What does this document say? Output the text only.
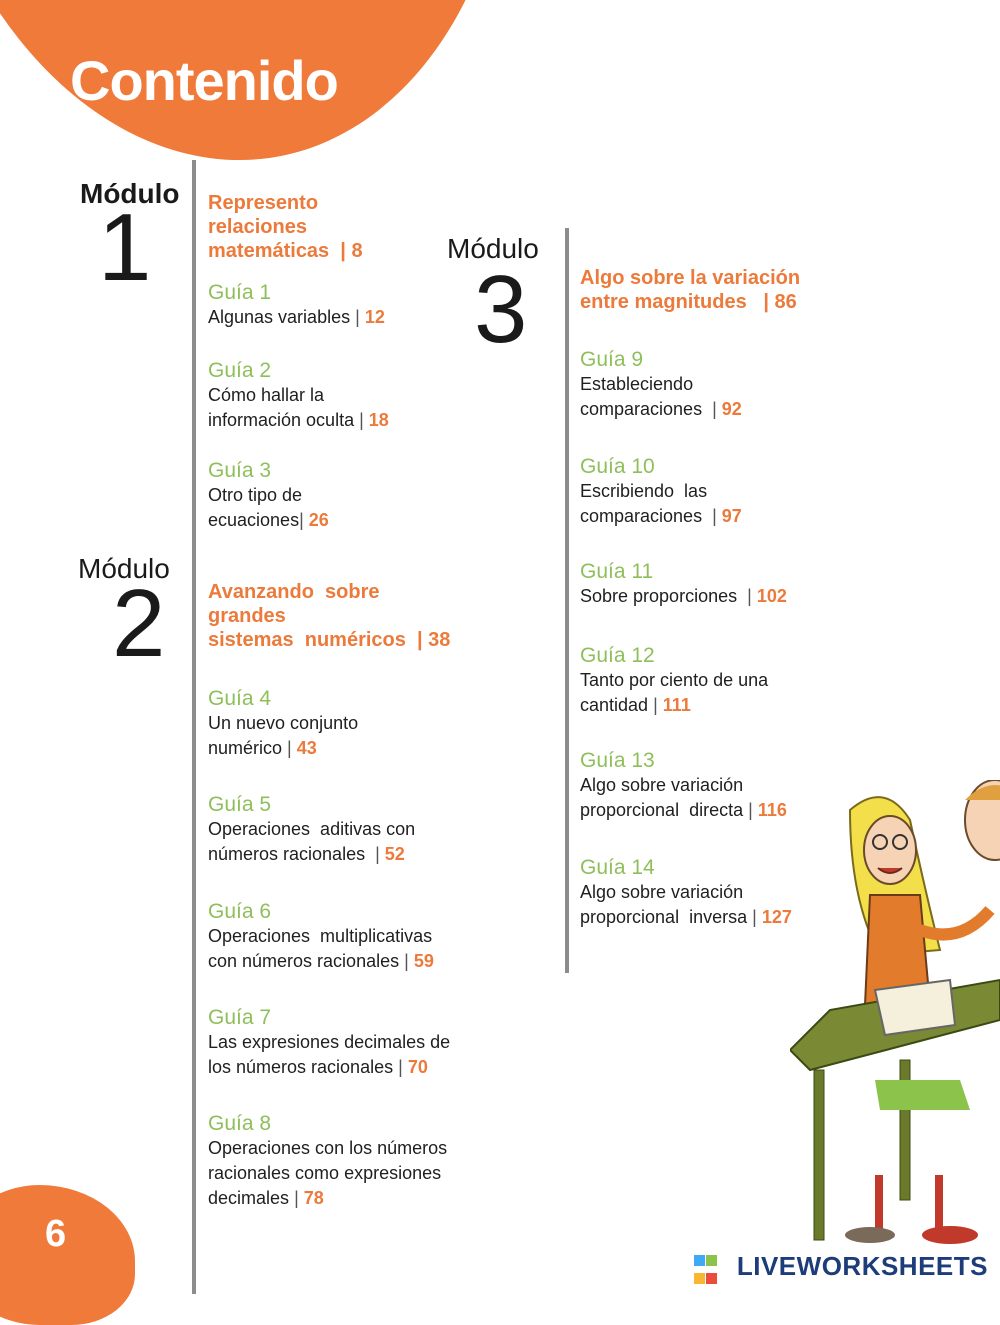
Contenido
Módulo
1	Represento
relaciones
matemáticas  | 8
Módulo
2 Avanzando  sobre
grandes
sistemas  numéricos  | 38
Módulo
3	Algo sobre la variación
entre magnitudes   | 86
Guía 1
Algunas variables | 12
Guía 2
Cómo hallar la
información oculta | 18
Guía 3
Otro tipo de
ecuaciones| 26
Guía 4
Un nuevo conjunto
numérico | 43
Guía 5
Operaciones  aditivas con
números racionales | 52
Guía 6
Operaciones  multiplicativas
con números racionales | 59
Guía 7
Las expresiones decimales de
los números racionales | 70
Guía 8
Operaciones con los números
racionales como expresiones
decimales | 78
Guía 9
Estableciendo
comparaciones | 92
Guía 10
Escribiendo  las
comparaciones | 97
Guía 11
Sobre proporciones | 102
Guía 12
Tanto por ciento de una
cantidad | 111
Guía 13
Algo sobre variación
proporcional  directa | 116
Guía 14
Algo sobre variación
proporcional  inversa | 127
6
LIVEWORKSHEETS
